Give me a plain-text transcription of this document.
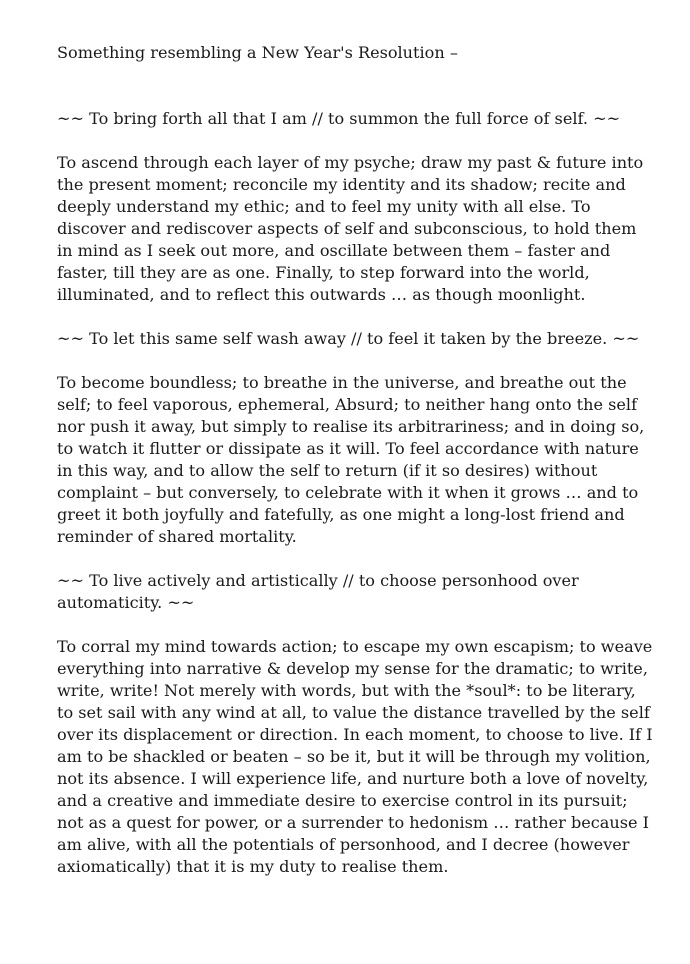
Something resembling a New Year's Resolution –

~~ To bring forth all that I am // to summon the full force of self. ~~

To ascend through each layer of my psyche; draw my past & future into the present moment; reconcile my identity and its shadow; recite and deeply understand my ethic; and to feel my unity with all else. To discover and rediscover aspects of self and subconscious, to hold them in mind as I seek out more, and oscillate between them – faster and faster, till they are as one. Finally, to step forward into the world, illuminated, and to reflect this outwards … as though moonlight.

~~ To let this same self wash away // to feel it taken by the breeze. ~~

To become boundless; to breathe in the universe, and breathe out the self; to feel vaporous, ephemeral, Absurd; to neither hang onto the self nor push it away, but simply to realise its arbitrariness; and in doing so, to watch it flutter or dissipate as it will. To feel accordance with nature in this way, and to allow the self to return (if it so desires) without complaint – but conversely, to celebrate with it when it grows … and to greet it both joyfully and fatefully, as one might a long-lost friend and reminder of shared mortality.

~~ To live actively and artistically // to choose personhood over automaticity. ~~

To corral my mind towards action; to escape my own escapism; to weave everything into narrative & develop my sense for the dramatic; to write, write, write! Not merely with words, but with the *soul*: to be literary, to set sail with any wind at all, to value the distance travelled by the self over its displacement or direction. In each moment, to choose to live. If I am to be shackled or beaten – so be it, but it will be through my volition, not its absence. I will experience life, and nurture both a love of novelty, and a creative and immediate desire to exercise control in its pursuit; not as a quest for power, or a surrender to hedonism … rather because I am alive, with all the potentials of personhood, and I decree (however axiomatically) that it is my duty to realise them.
